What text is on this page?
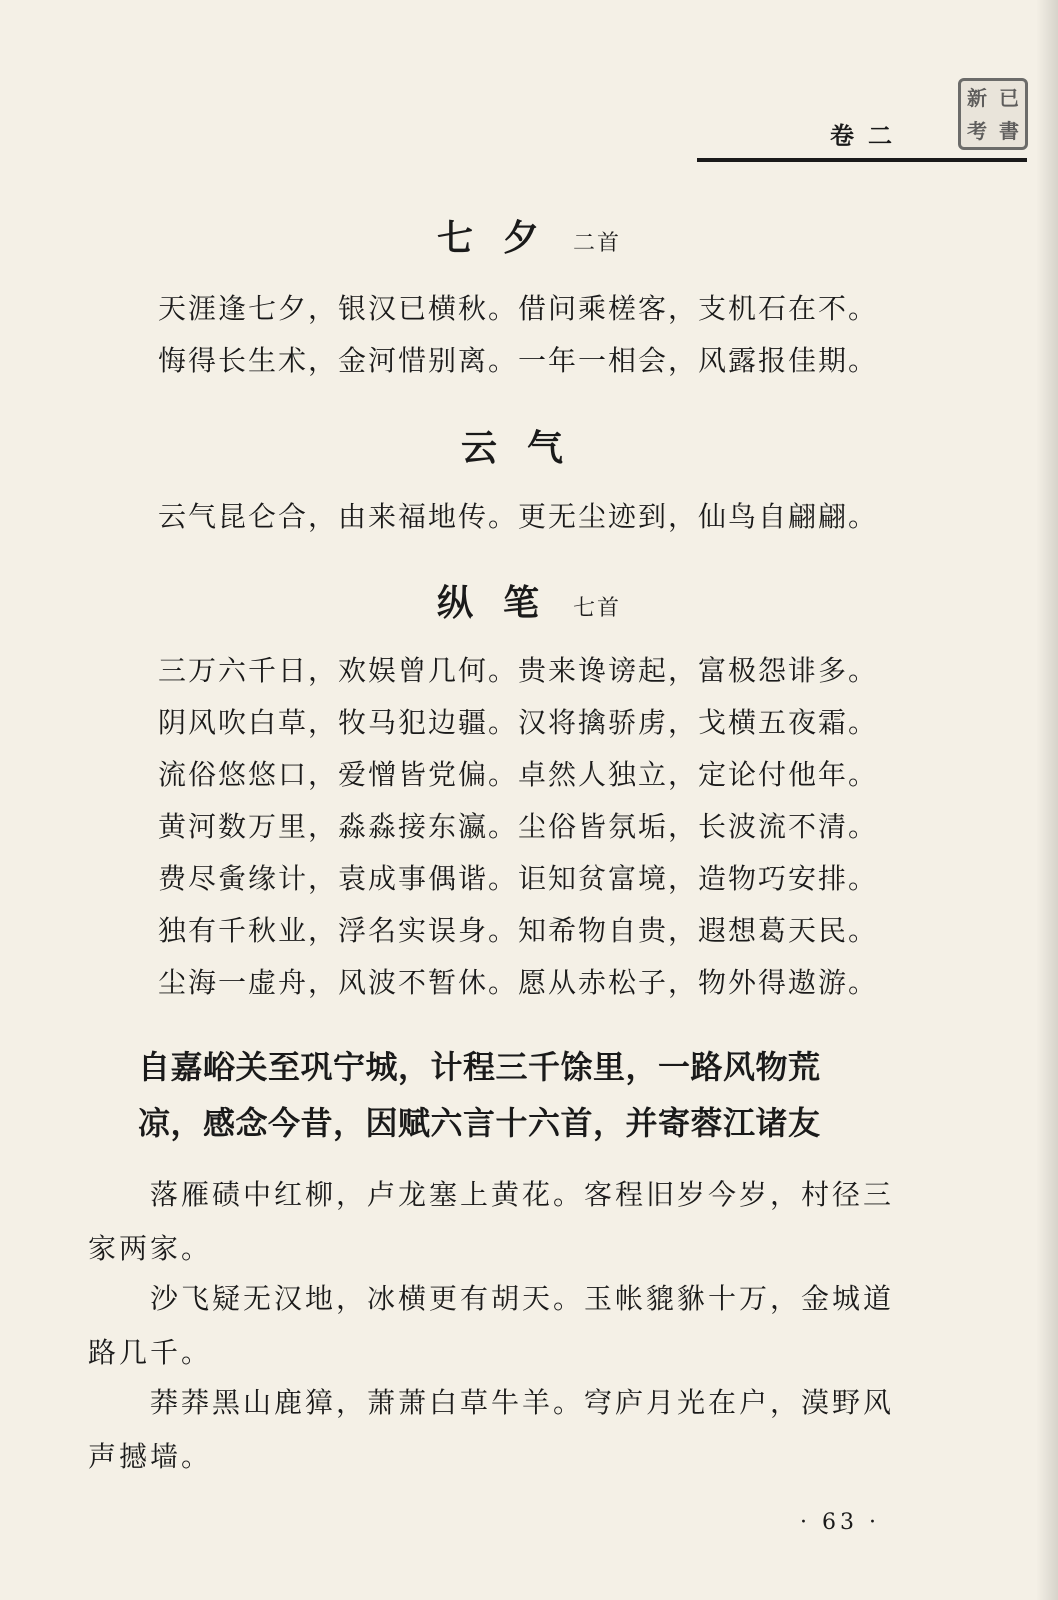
卷二
新 已
考 書
七夕 二首
天涯逢七夕，银汉已横秋。借问乘槎客，支机石在不。
悔得长生术，金河惜别离。一年一相会，风露报佳期。
云气
云气昆仑合，由来福地传。更无尘迹到，仙鸟自翩翩。
纵笔 七首
三万六千日，欢娱曾几何。贵来谗谤起，富极怨诽多。
阴风吹白草，牧马犯边疆。汉将擒骄虏，戈横五夜霜。
流俗悠悠口，爱憎皆党偏。卓然人独立，定论付他年。
黄河数万里，淼淼接东瀛。尘俗皆氛垢，长波流不清。
费尽夤缘计，袁成事偶谐。讵知贫富境，造物巧安排。
独有千秋业，浮名实误身。知希物自贵，遐想葛天民。
尘海一虚舟，风波不暂休。愿从赤松子，物外得遨游。
自嘉峪关至巩宁城，计程三千馀里，一路风物荒
凉，感念今昔，因赋六言十六首，并寄蓉江诸友
落雁碛中红柳，卢龙塞上黄花。客程旧岁今岁，村径三家两家。
沙飞疑无汉地，冰横更有胡天。玉帐貔貅十万，金城道路几千。
莽莽黑山鹿獐，萧萧白草牛羊。穹庐月光在户，漠野风声撼墙。
· 63 ·
